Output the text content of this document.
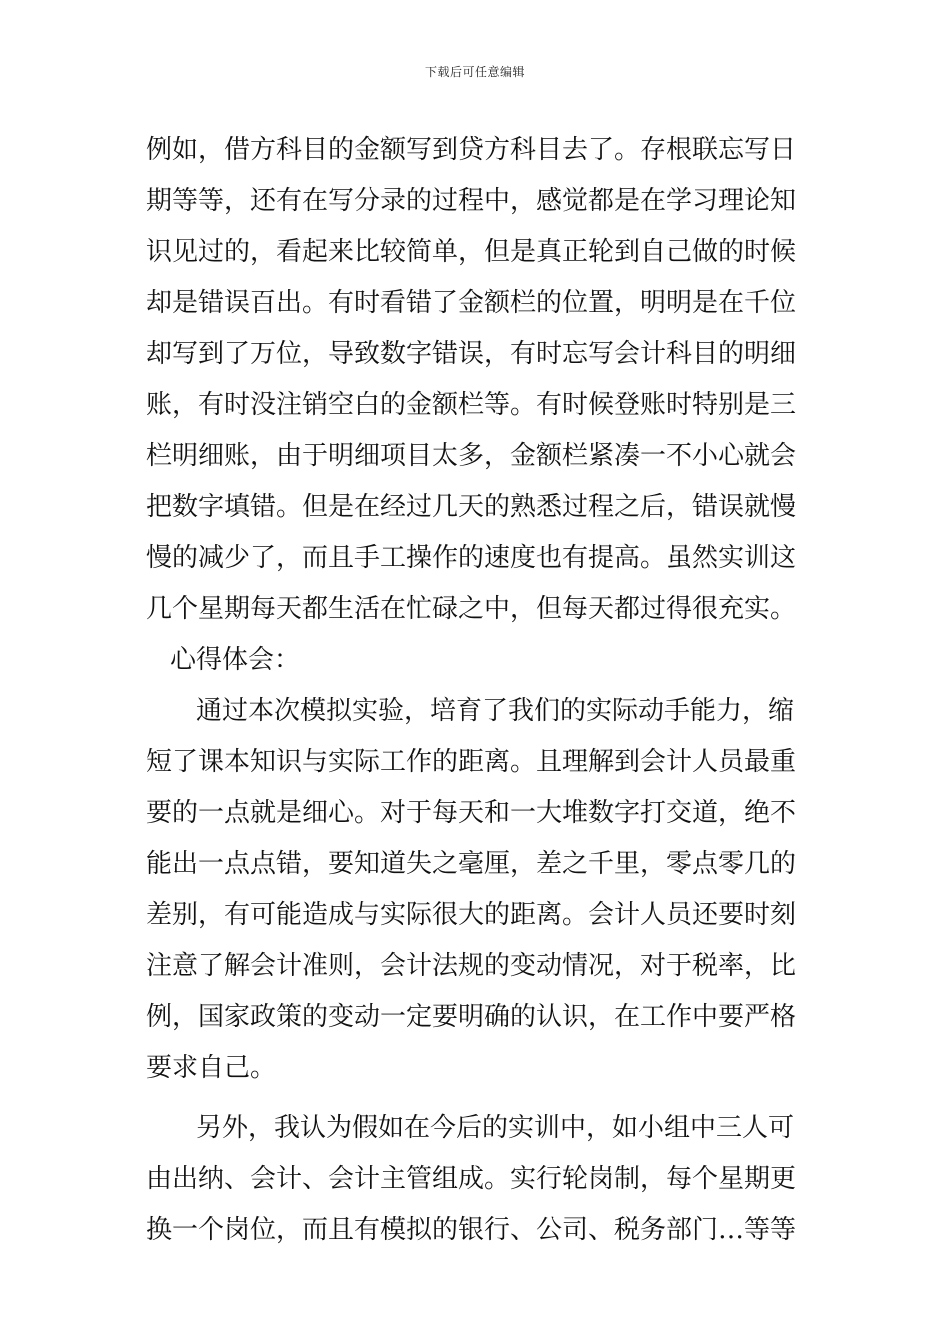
下载后可任意编辑
例如，借方科目的金额写到贷方科目去了。存根联忘写日
期等等，还有在写分录的过程中，感觉都是在学习理论知
识见过的，看起来比较简单，但是真正轮到自己做的时候
却是错误百出。有时看错了金额栏的位置，明明是在千位
却写到了万位，导致数字错误，有时忘写会计科目的明细
账，有时没注销空白的金额栏等。有时候登账时特别是三
栏明细账，由于明细项目太多，金额栏紧凑一不小心就会
把数字填错。但是在经过几天的熟悉过程之后，错误就慢
慢的减少了，而且手工操作的速度也有提高。虽然实训这
几个星期每天都生活在忙碌之中，但每天都过得很充实。
心得体会：
通过本次模拟实验，培育了我们的实际动手能力，缩
短了课本知识与实际工作的距离。且理解到会计人员最重
要的一点就是细心。对于每天和一大堆数字打交道，绝不
能出一点点错，要知道失之毫厘，差之千里，零点零几的
差别，有可能造成与实际很大的距离。会计人员还要时刻
注意了解会计准则，会计法规的变动情况，对于税率，比
例，国家政策的变动一定要明确的认识，在工作中要严格
要求自己。
另外，我认为假如在今后的实训中，如小组中三人可
由出纳、会计、会计主管组成。实行轮岗制，每个星期更
换一个岗位，而且有模拟的银行、公司、税务部门…等等
